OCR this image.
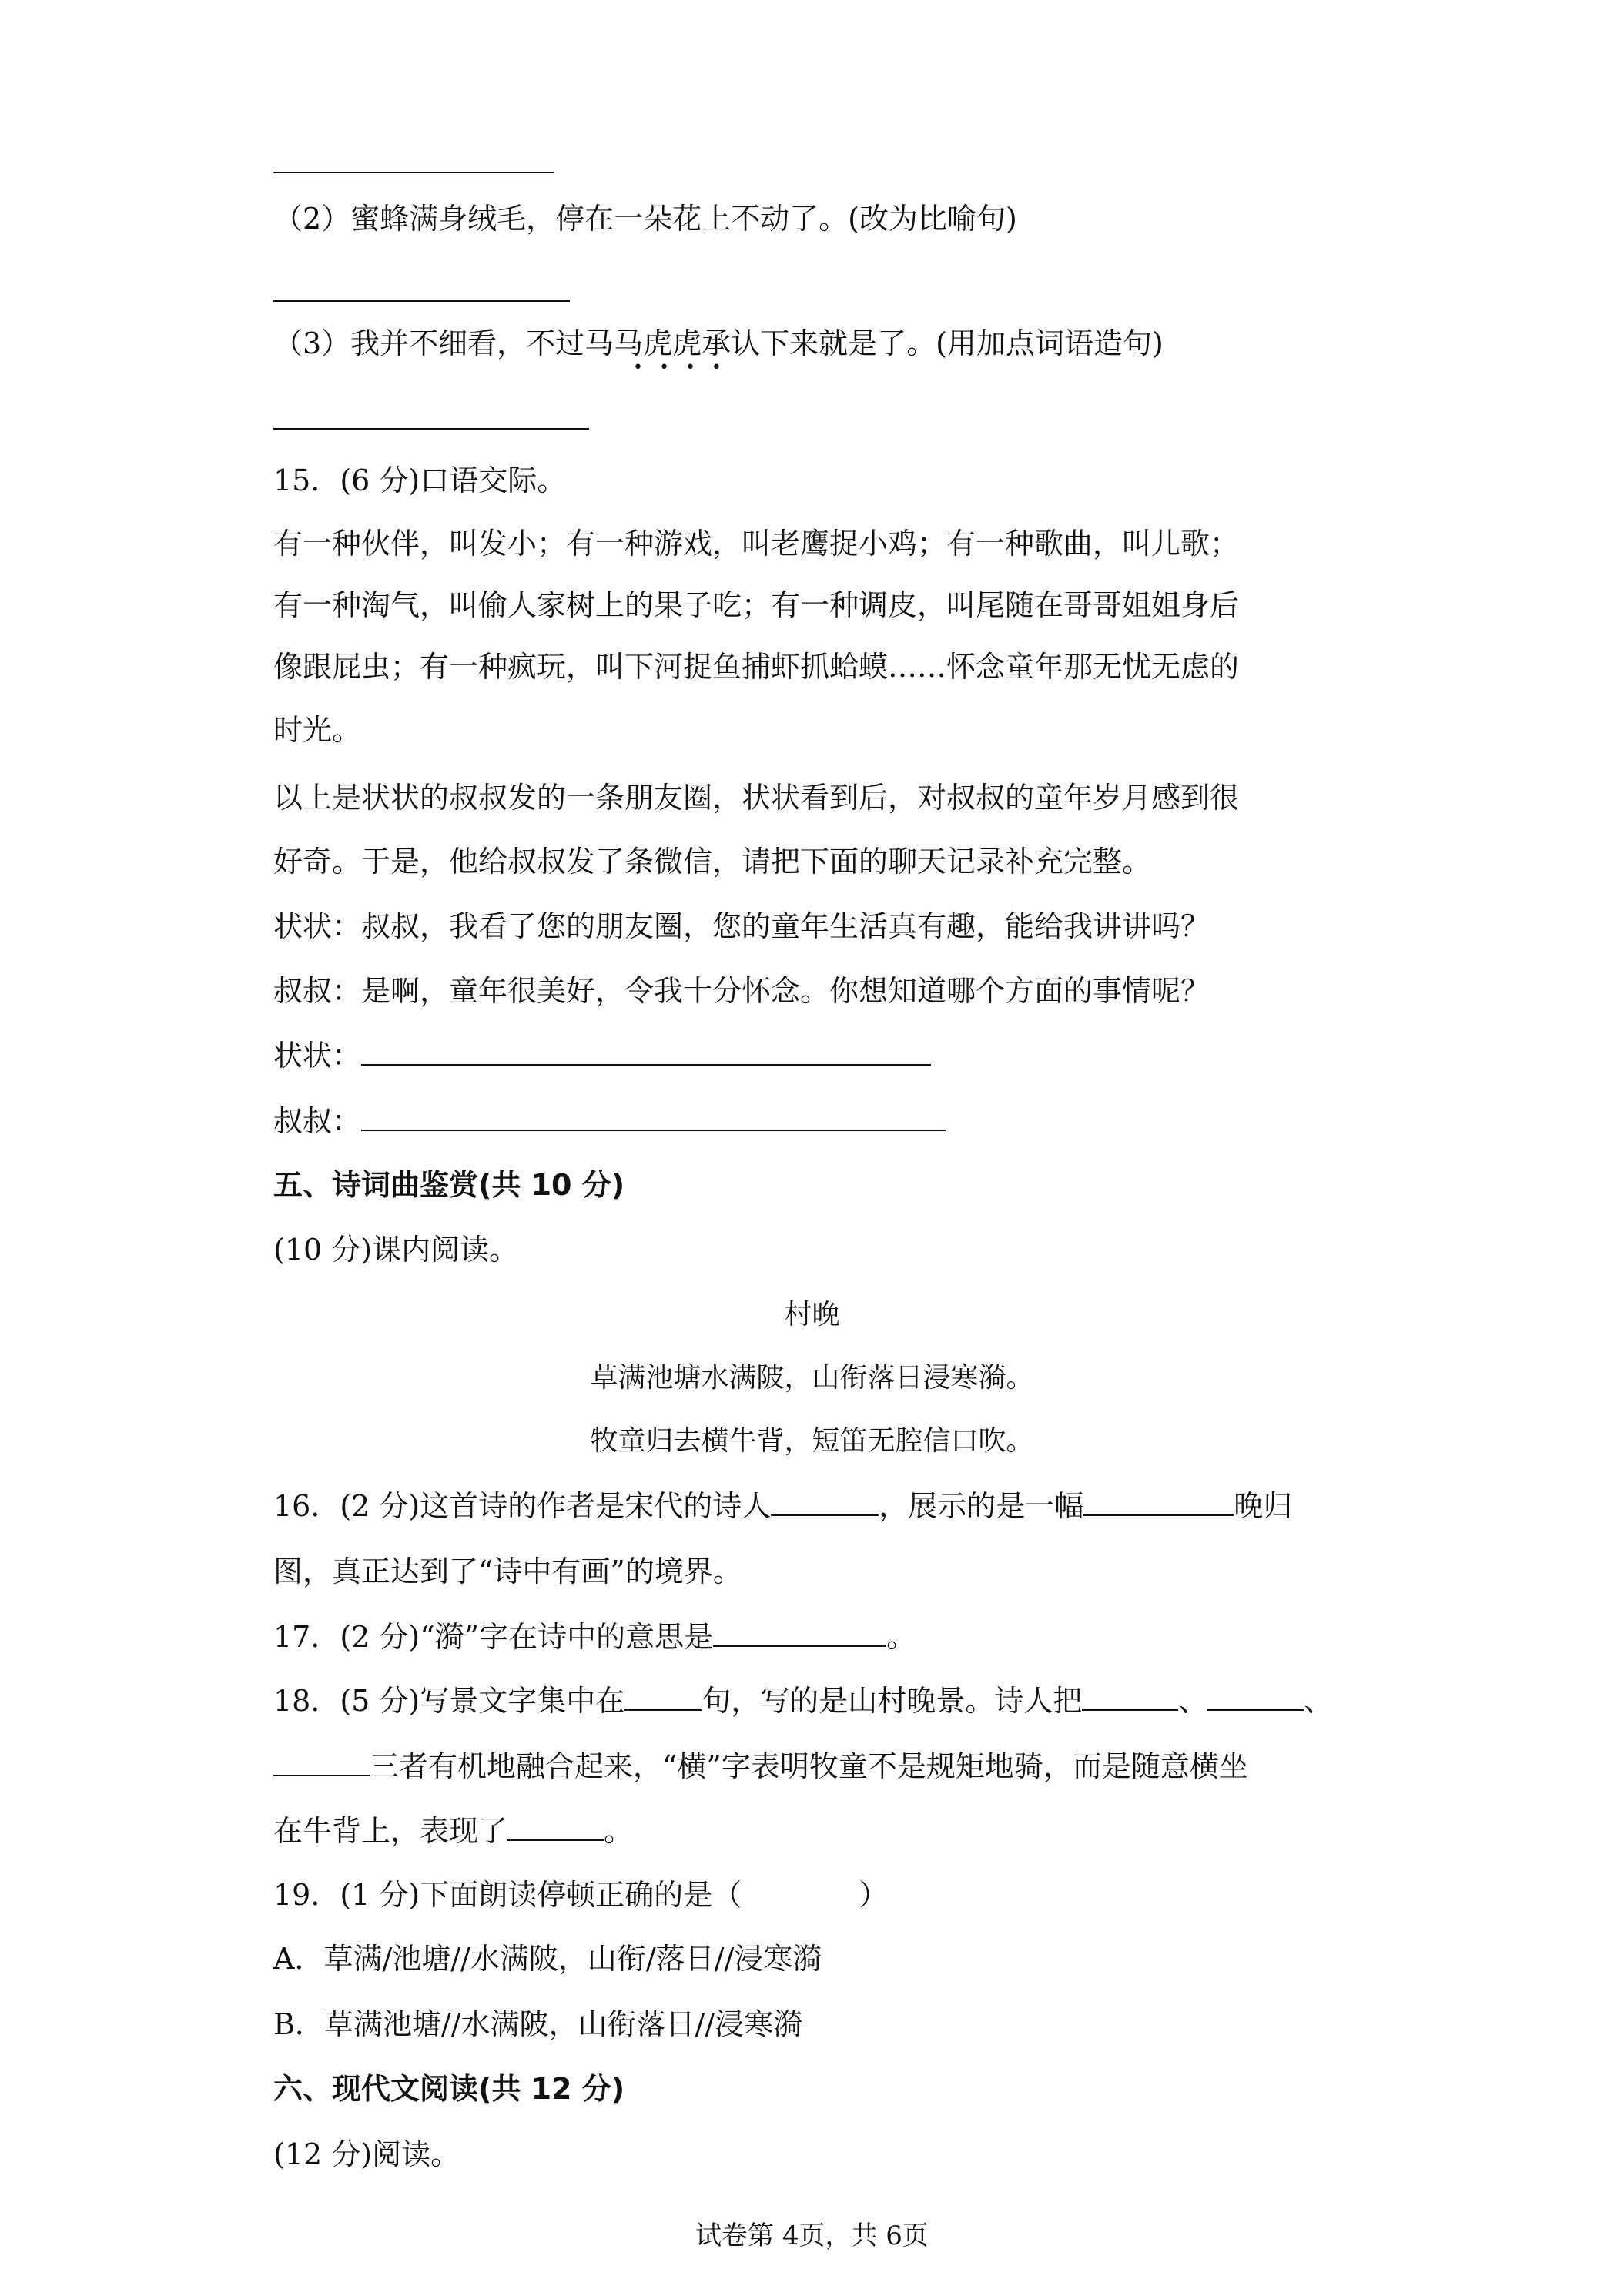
（2）蜜蜂满身绒毛，停在一朵花上不动了。(改为比喻句)
（3）我并不细看，不过马马虎虎承认下来就是了。(用加点词语造句)
••••
15．(6 分)口语交际。
有一种伙伴，叫发小；有一种游戏，叫老鹰捉小鸡；有一种歌曲，叫儿歌；
有一种淘气，叫偷人家树上的果子吃；有一种调皮，叫尾随在哥哥姐姐身后
像跟屁虫；有一种疯玩，叫下河捉鱼捕虾抓蛤蟆……怀念童年那无忧无虑的
时光。
以上是状状的叔叔发的一条朋友圈，状状看到后，对叔叔的童年岁月感到很
好奇。于是，他给叔叔发了条微信，请把下面的聊天记录补充完整。
状状：叔叔，我看了您的朋友圈，您的童年生活真有趣，能给我讲讲吗？
叔叔：是啊，童年很美好，令我十分怀念。你想知道哪个方面的事情呢？
状状：
叔叔：
五、诗词曲鉴赏(共 10 分)
(10 分)课内阅读。
村晚
草满池塘水满陂，山衔落日浸寒漪。
牧童归去横牛背，短笛无腔信口吹。
16．(2 分)这首诗的作者是宋代的诗人	，展示的是一幅	晚归
图，真正达到了“诗中有画”的境界。
17．(2 分)“漪”字在诗中的意思是	。
18．(5 分)写景文字集中在	句，写的是山村晚景。诗人把	、	、
三者有机地融合起来，“横”字表明牧童不是规矩地骑，而是随意横坐
在牛背上，表现了	。
19．(1 分)下面朗读停顿正确的是（　　　　）
A．草满/池塘//水满陂，山衔/落日//浸寒漪
B．草满池塘//水满陂，山衔落日//浸寒漪
六、现代文阅读(共 12 分)
(12 分)阅读。
试卷第 4页，共 6页
